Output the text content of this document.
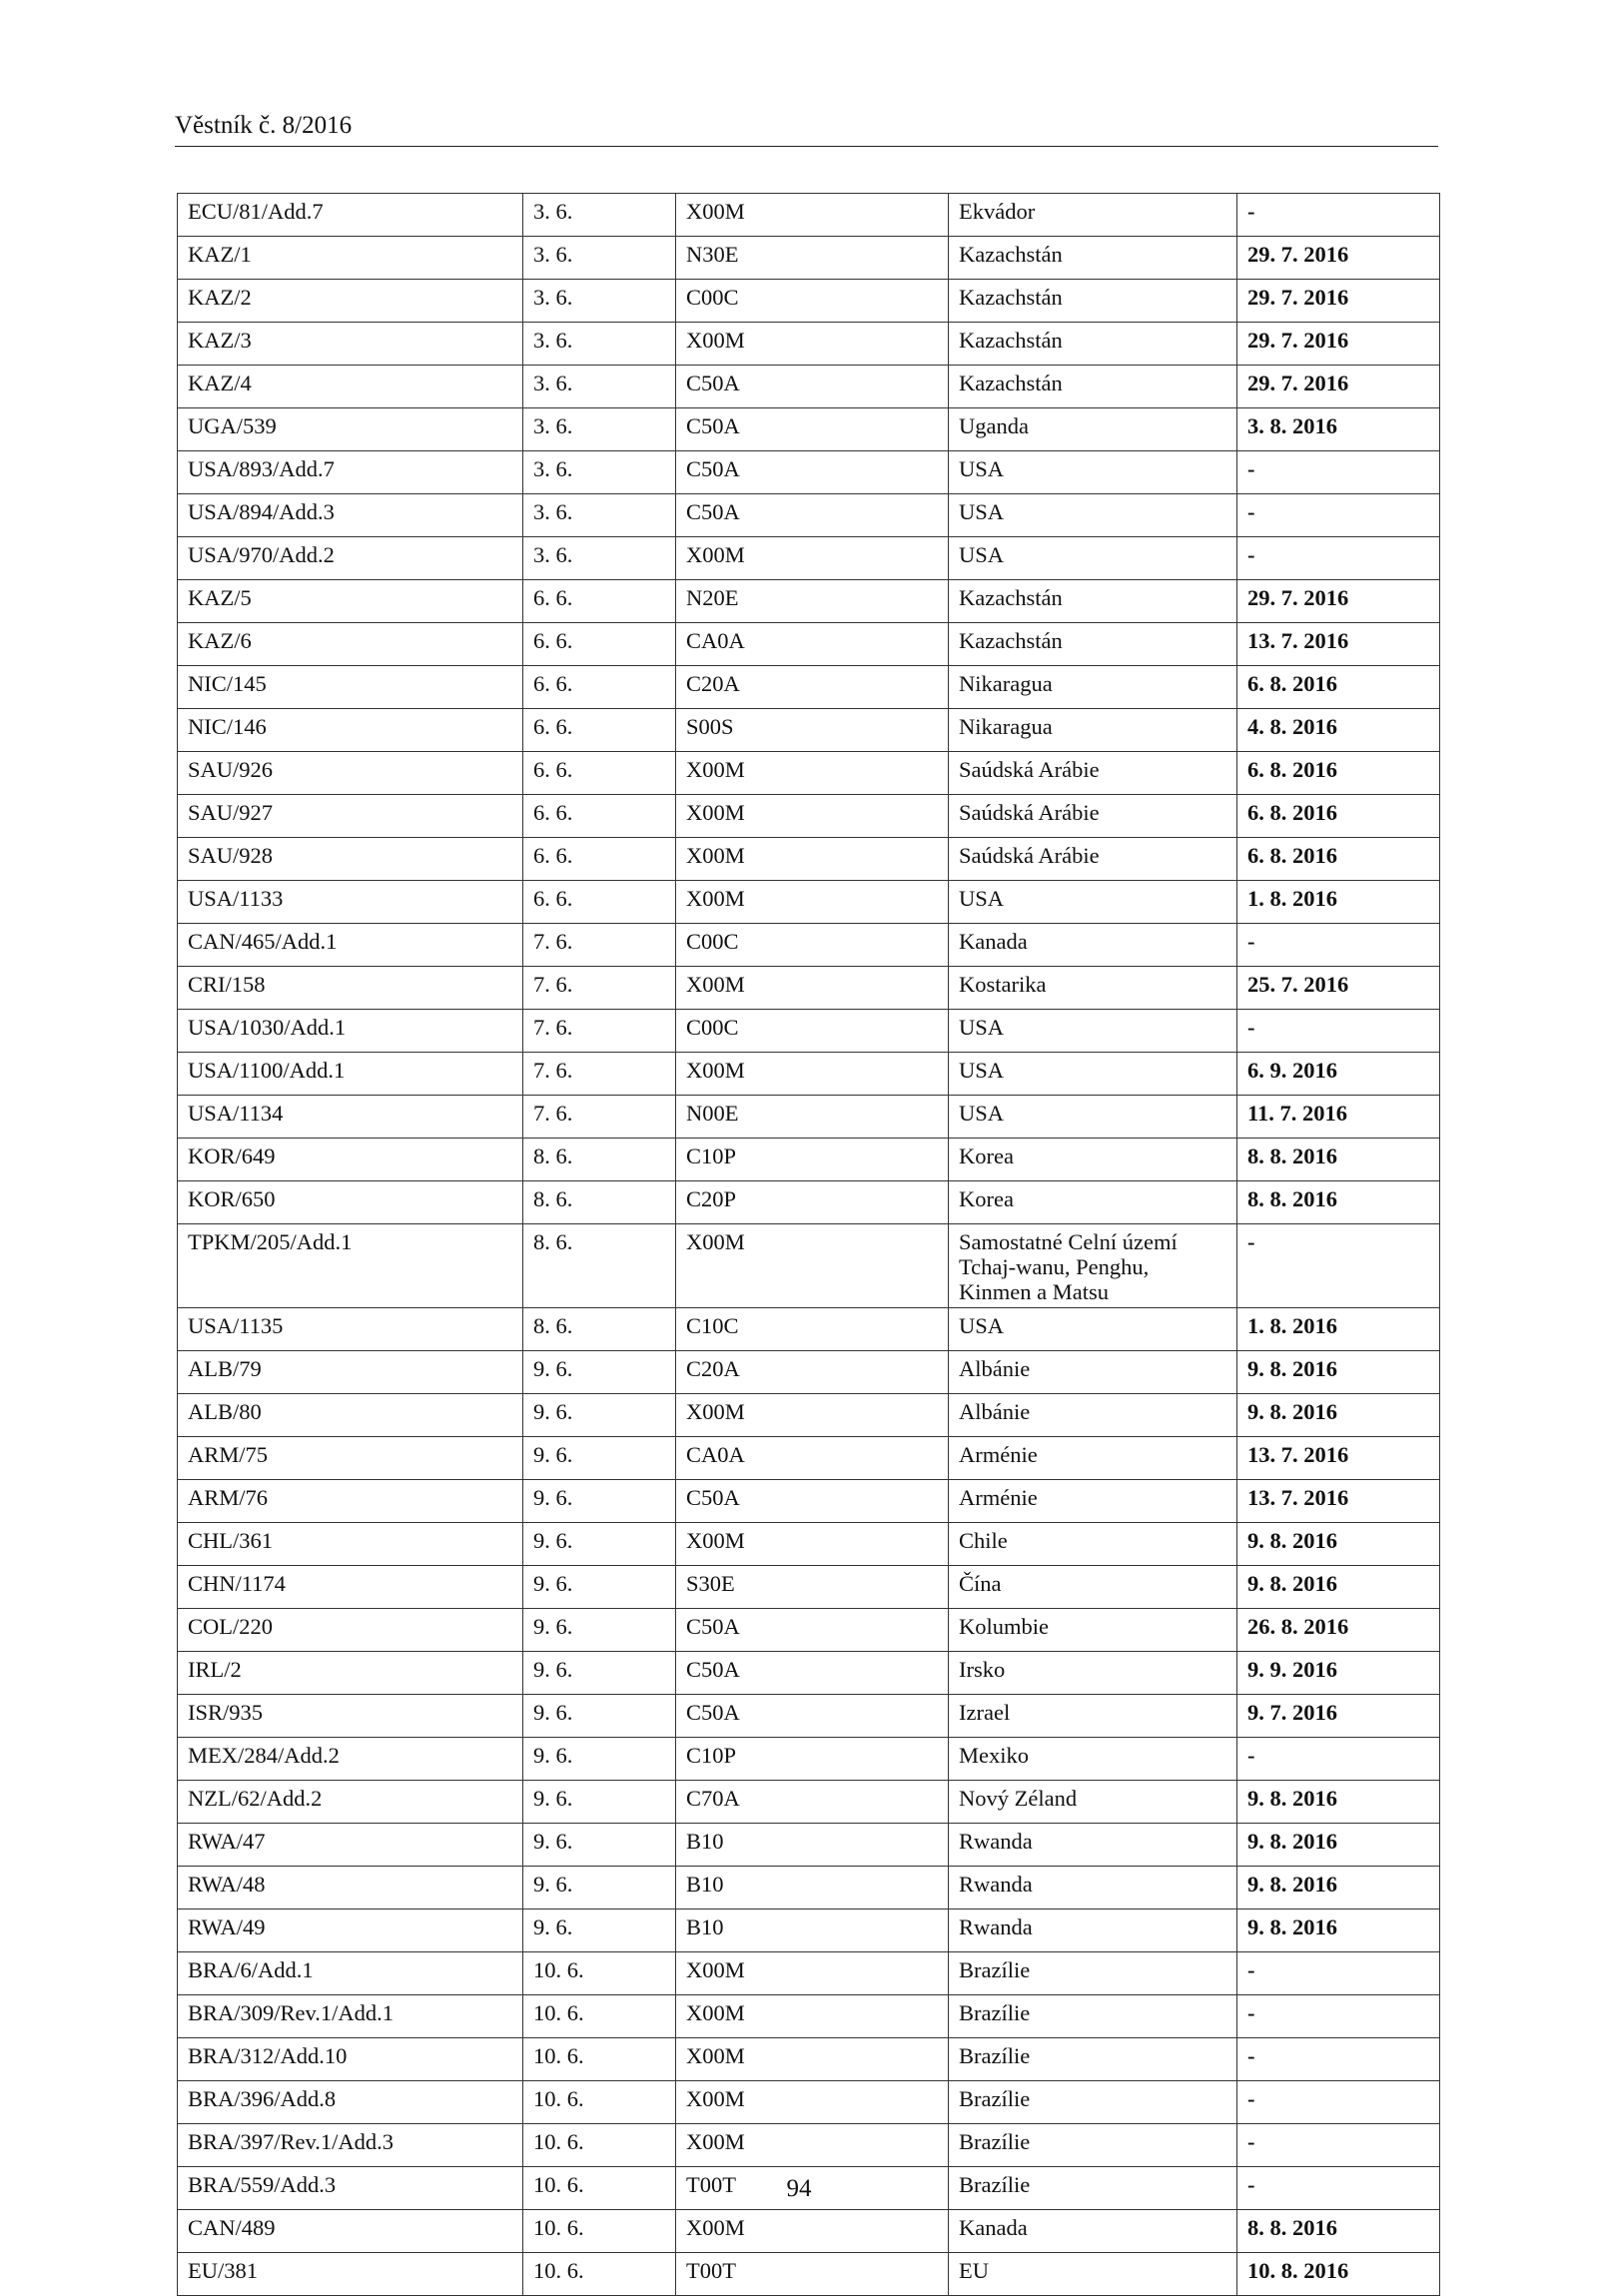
Věstník č. 8/2016
ECU/81/Add.7	3. 6.	X00M	Ekvádor	-
KAZ/1	3. 6.	N30E	Kazachstán	29. 7. 2016
KAZ/2	3. 6.	C00C	Kazachstán	29. 7. 2016
KAZ/3	3. 6.	X00M	Kazachstán	29. 7. 2016
KAZ/4	3. 6.	C50A	Kazachstán	29. 7. 2016
UGA/539	3. 6.	C50A	Uganda	3. 8. 2016
USA/893/Add.7	3. 6.	C50A	USA	-
USA/894/Add.3	3. 6.	C50A	USA	-
USA/970/Add.2	3. 6.	X00M	USA	-
KAZ/5	6. 6.	N20E	Kazachstán	29. 7. 2016
KAZ/6	6. 6.	CA0A	Kazachstán	13. 7. 2016
NIC/145	6. 6.	C20A	Nikaragua	6. 8. 2016
NIC/146	6. 6.	S00S	Nikaragua	4. 8. 2016
SAU/926	6. 6.	X00M	Saúdská Arábie	6. 8. 2016
SAU/927	6. 6.	X00M	Saúdská Arábie	6. 8. 2016
SAU/928	6. 6.	X00M	Saúdská Arábie	6. 8. 2016
USA/1133	6. 6.	X00M	USA	1. 8. 2016
CAN/465/Add.1	7. 6.	C00C	Kanada	-
CRI/158	7. 6.	X00M	Kostarika	25. 7. 2016
USA/1030/Add.1	7. 6.	C00C	USA	-
USA/1100/Add.1	7. 6.	X00M	USA	6. 9. 2016
USA/1134	7. 6.	N00E	USA	11. 7. 2016
KOR/649	8. 6.	C10P	Korea	8. 8. 2016
KOR/650	8. 6.	C20P	Korea	8. 8. 2016
TPKM/205/Add.1	8. 6.	X00M	Samostatné Celní území
Tchaj-wanu, Penghu,
Kinmen a Matsu	-
USA/1135	8. 6.	C10C	USA	1. 8. 2016
ALB/79	9. 6.	C20A	Albánie	9. 8. 2016
ALB/80	9. 6.	X00M	Albánie	9. 8. 2016
ARM/75	9. 6.	CA0A	Arménie	13. 7. 2016
ARM/76	9. 6.	C50A	Arménie	13. 7. 2016
CHL/361	9. 6.	X00M	Chile	9. 8. 2016
CHN/1174	9. 6.	S30E	Čína	9. 8. 2016
COL/220	9. 6.	C50A	Kolumbie	26. 8. 2016
IRL/2	9. 6.	C50A	Irsko	9. 9. 2016
ISR/935	9. 6.	C50A	Izrael	9. 7. 2016
MEX/284/Add.2	9. 6.	C10P	Mexiko	-
NZL/62/Add.2	9. 6.	C70A	Nový Zéland	9. 8. 2016
RWA/47	9. 6.	B10	Rwanda	9. 8. 2016
RWA/48	9. 6.	B10	Rwanda	9. 8. 2016
RWA/49	9. 6.	B10	Rwanda	9. 8. 2016
BRA/6/Add.1	10. 6.	X00M	Brazílie	-
BRA/309/Rev.1/Add.1	10. 6.	X00M	Brazílie	-
BRA/312/Add.10	10. 6.	X00M	Brazílie	-
BRA/396/Add.8	10. 6.	X00M	Brazílie	-
BRA/397/Rev.1/Add.3	10. 6.	X00M	Brazílie	-
BRA/559/Add.3	10. 6.	T00T	Brazílie	-
CAN/489	10. 6.	X00M	Kanada	8. 8. 2016
EU/381	10. 6.	T00T	EU	10. 8. 2016
94
